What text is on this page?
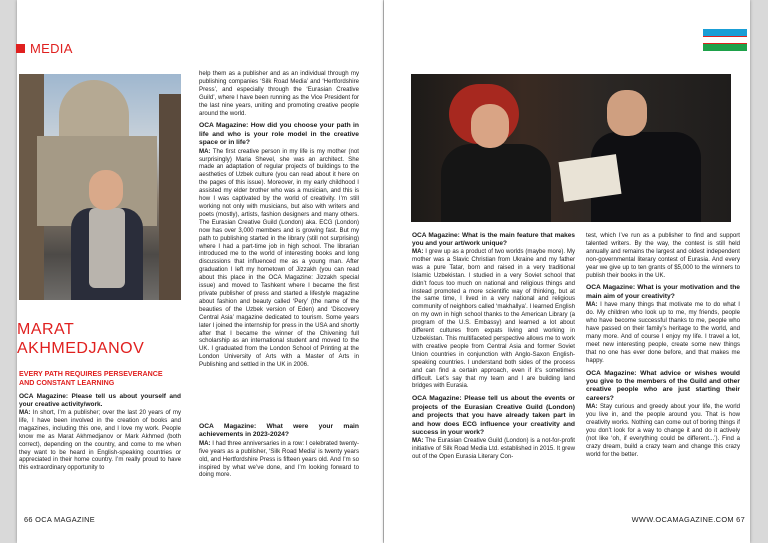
MEDIA
MARAT
AKHMEDJANOV
EVERY PATH REQUIRES PERSEVERANCE
AND CONSTANT LEARNING

OCA Magazine: Please tell us about yourself and your creative activity/work.

MA: In short, I’m a publisher; over the last 20 years of my life, I have been involved in the creation of books and magazines, including this one, and I love my work. People know me as Marat Akhmedjanov or Mark Akhmed (both correct), depending on the country, and come to me when they want to be heard in English-speaking countries or appreciated in their home country. I’m really proud to have this extraordinary opportunity to

help them as a publisher and as an individual through my publishing companies ‘Silk Road Media’ and ‘Hertfordshire Press’, and especially through the ‘Eurasian Creative Guild’, where I have been running as the Vice President for the last nine years, uniting and promoting creative people around the world.

OCA Magazine: How did you choose your path in life and who is your role model in the creative space or in life?

MA: The first creative person in my life is my mother (not surprisingly) Maria Shevel, she was an architect. She made an adaptation of regular projects of buildings to the aesthetics of Uzbek culture (you can read about it here on the pages of this issue). Moreover, in my early childhood I assisted my elder brother who was a musician, and this is how I was captivated by the world of creativity. I’m still working not only with musicians, but also with writers and poets (mostly), artists, fashion designers and many others. The Eurasian Creative Guild (London) aka. ECG (London) now has over 3,000 members and is growing fast. But my path to publishing started in the library (still not surprising) where I had a part-time job in high school. The librarian introduced me to the world of interesting books and long discussions that influenced me as a young man. After graduation I left my hometown of Jizzakh (you can read about this place in the OCA Magazine: Jizzakh special issue) and moved to Tashkent where I became the first private publisher of press and started a lifestyle magazine about fashion and beauty called ‘Pery’ (the name of the beauties of the Uzbek version of Eden) and ‘Discovery Central Asia’ magazine dedicated to tourism. Some years later I joined the internship for press in the USA and shortly after that I became the winner of the Chivening full scholarship as an international student and moved to the UK. I graduated from the London School of Printing at the London University of Arts with a Master of Arts in Publishing and settled in the UK in 2006.

OCA Magazine: What were your main achievements in 2023-2024?

MA: I had three anniversaries in a row: I celebrated twenty-five years as a publisher, ‘Silk Road Media’ is twenty years old, and Hertfordshire Press is fifteen years old. And I’m so inspired by what we’ve done, and I’m looking forward to doing more.

OCA Magazine: What is the main feature that makes you and your art/work unique?

MA: I grew up as a product of two worlds (maybe more). My mother was a Slavic Christian from Ukraine and my father was a pure Tatar, born and raised in a very traditional Islamic Uzbekistan. I studied in a very Soviet school that didn’t focus too much on national and religious things and instead promoted a more scientific way of thinking, but at the same time, I lived in a very national and religious community of neighbors called ‘makhallya’. I learned English on my own in high school thanks to the American Library (a program of the U.S. Embassy) and learned a lot about different cultures from expats living and working in Uzbekistan. This multifaceted perspective allows me to work with creative people from Central Asia and former Soviet Union countries in conjunction with Anglo-Saxon English-speaking countries. I understand both sides of the process and can find a certain approach, even if it’s sometimes difficult. Let’s say that my team and I are building land bridges with Eurasia.

OCA Magazine: Please tell us about the events or projects of the Eurasian Creative Guild (London) and projects that you have already taken part in and how does ECG influence your creativity and success in your work?

MA: The Eurasian Creative Guild (London) is a not-for-profit initiative of Silk Road Media Ltd. established in 2015. It grew out of the Open Eurasia Literary Con-

test, which I’ve run as a publisher to find and support talented writers. By the way, the contest is still held annually and remains the largest and oldest independent non-governmental literary contest of Eurasia. And every year we give up to ten grants of $5,000 to the winners to publish their books in the UK.

OCA Magazine: What is your motivation and the main aim of your creativity?

MA: I have many things that motivate me to do what I do. My children who look up to me, my friends, people who have become successful thanks to me, people who have passed on their family’s heritage to the world, and many more. And of course I enjoy my life. I travel a lot, meet new interesting people, create some new things that no one has ever done before, and that makes me happy.

OCA Magazine: What advice or wishes would you give to the members of the Guild and other creative people who are just starting their careers?

MA: Stay curious and greedy about your life, the world you live in, and the people around you. That is how creativity works. Nothing can come out of boring things if you don’t look for a way to change it and do it actively (not like ‘oh, if everything could be different...’). Find a crazy dream, build a crazy team and change this crazy world for the better.

66 OCA MAGAZINE	WWW.OCAMAGAZINE.COM 67
